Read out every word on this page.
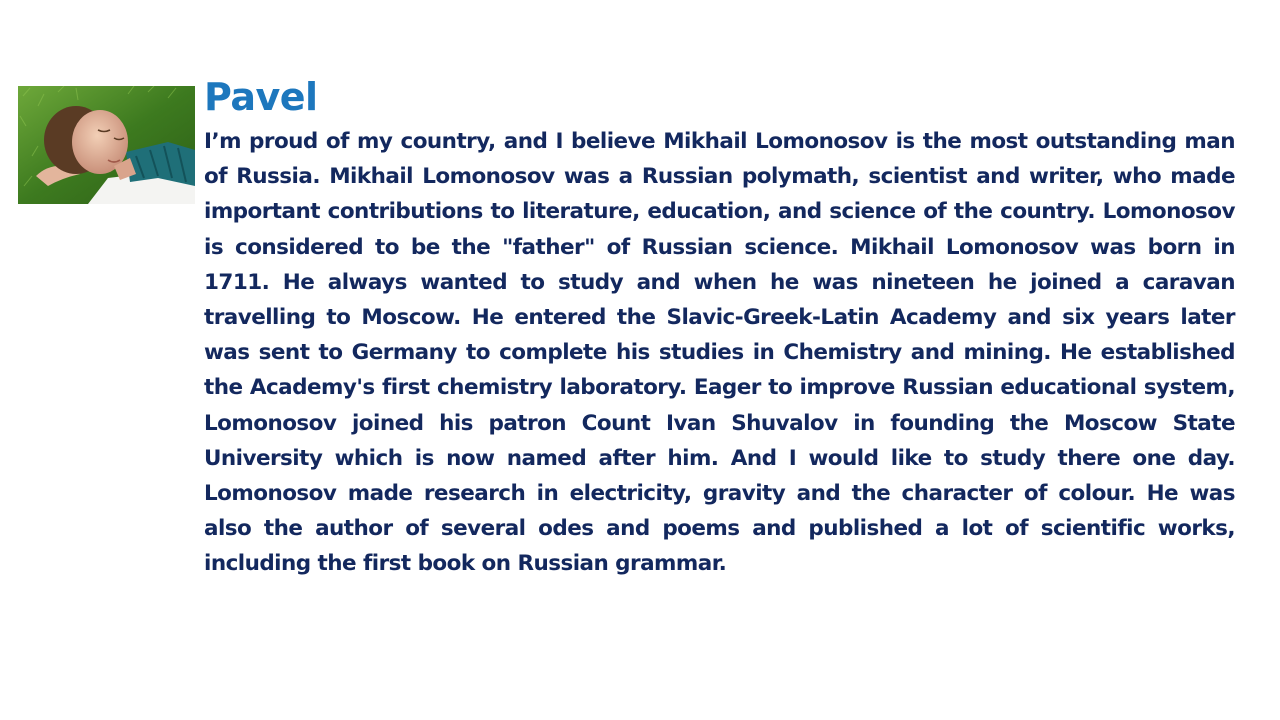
Pavel

I’m proud of my country, and I believe Mikhail Lomonosov is the most outstanding man of Russia. Mikhail Lomonosov was a Russian polymath, scientist and writer, who made important contributions to literature, education, and science of the country. Lomonosov is considered to be the "father" of Russian science. Mikhail Lomonosov was born in 1711. He always wanted to study and when he was nineteen he joined a caravan travelling to Moscow. He entered the Slavic-Greek-Latin Academy and six years later was sent to Germany to complete his studies in Chemistry and mining. He established the Academy's first chemistry laboratory. Eager to improve Russian educational system, Lomonosov joined his patron Count Ivan Shuvalov in founding the Moscow State University which is now named after him. And I would like to study there one day. Lomonosov made research in electricity, gravity and the character of colour. He was also the author of several odes and poems and published a lot of scientific works, including the first book on Russian grammar.
